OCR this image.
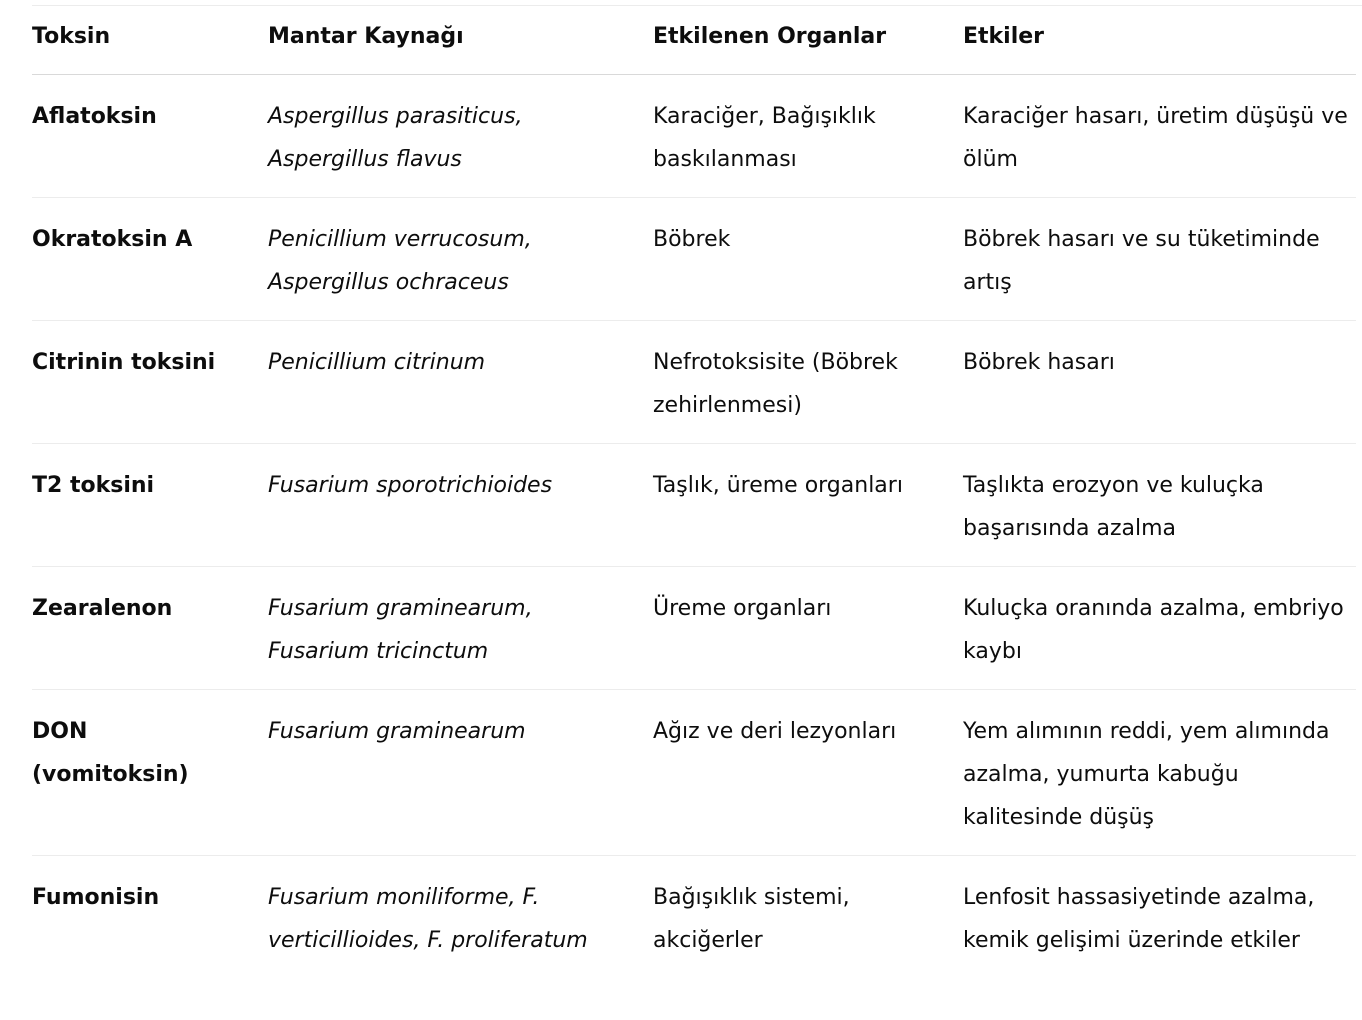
Toksin	Mantar Kaynağı	Etkilenen Organlar	Etkiler
Aflatoksin	Aspergillus parasiticus, Aspergillus flavus	Karaciğer, Bağışıklık baskılanması	Karaciğer hasarı, üretim düşüşü ve ölüm
Okratoksin A	Penicillium verrucosum, Aspergillus ochraceus	Böbrek	Böbrek hasarı ve su tüketiminde artış
Citrinin toksini	Penicillium citrinum	Nefrotoksisite (Böbrek zehirlenmesi)	Böbrek hasarı
T2 toksini	Fusarium sporotrichioides	Taşlık, üreme organları	Taşlıkta erozyon ve kuluçka başarısında azalma
Zearalenon	Fusarium graminearum, Fusarium tricinctum	Üreme organları	Kuluçka oranında azalma, embriyo kaybı
DON (vomitoksin)	Fusarium graminearum	Ağız ve deri lezyonları	Yem alımının reddi, yem alımında azalma, yumurta kabuğu kalitesinde düşüş
Fumonisin	Fusarium moniliforme, F. verticillioides, F. proliferatum	Bağışıklık sistemi, akciğerler	Lenfosit hassasiyetinde azalma, kemik gelişimi üzerinde etkiler
